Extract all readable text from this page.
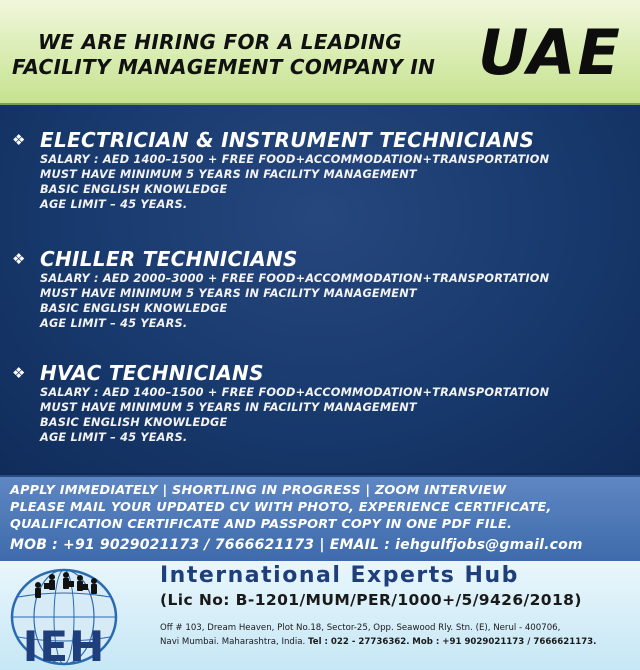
WE ARE HIRING FOR A LEADING
FACILITY MANAGEMENT COMPANY IN UAE
❖ ELECTRICIAN & INSTRUMENT TECHNICIANS
SALARY : AED 1400–1500 + FREE FOOD+ACCOMMODATION+TRANSPORTATION
MUST HAVE MINIMUM 5 YEARS IN FACILITY MANAGEMENT
BASIC ENGLISH KNOWLEDGE
AGE LIMIT – 45 YEARS.
❖ CHILLER TECHNICIANS
SALARY : AED 2000–3000 + FREE FOOD+ACCOMMODATION+TRANSPORTATION
MUST HAVE MINIMUM 5 YEARS IN FACILITY MANAGEMENT
BASIC ENGLISH KNOWLEDGE
AGE LIMIT – 45 YEARS.
❖ HVAC TECHNICIANS
SALARY : AED 1400–1500 + FREE FOOD+ACCOMMODATION+TRANSPORTATION
MUST HAVE MINIMUM 5 YEARS IN FACILITY MANAGEMENT
BASIC ENGLISH KNOWLEDGE
AGE LIMIT – 45 YEARS.
APPLY IMMEDIATELY | SHORTLING IN PROGRESS | ZOOM INTERVIEW
PLEASE MAIL YOUR UPDATED CV WITH PHOTO, EXPERIENCE CERTIFICATE,
QUALIFICATION CERTIFICATE AND PASSPORT COPY IN ONE PDF FILE.
MOB : +91 9029021173 / 7666621173 | EMAIL : iehgulfjobs@gmail.com
IEH
International Experts Hub
(Lic No: B-1201/MUM/PER/1000+/5/9426/2018)
Off # 103, Dream Heaven, Plot No.18, Sector-25, Opp. Seawood Rly. Stn. (E), Nerul - 400706,
Navi Mumbai. Maharashtra, India. Tel : 022 - 27736362. Mob : +91 9029021173 / 7666621173.
